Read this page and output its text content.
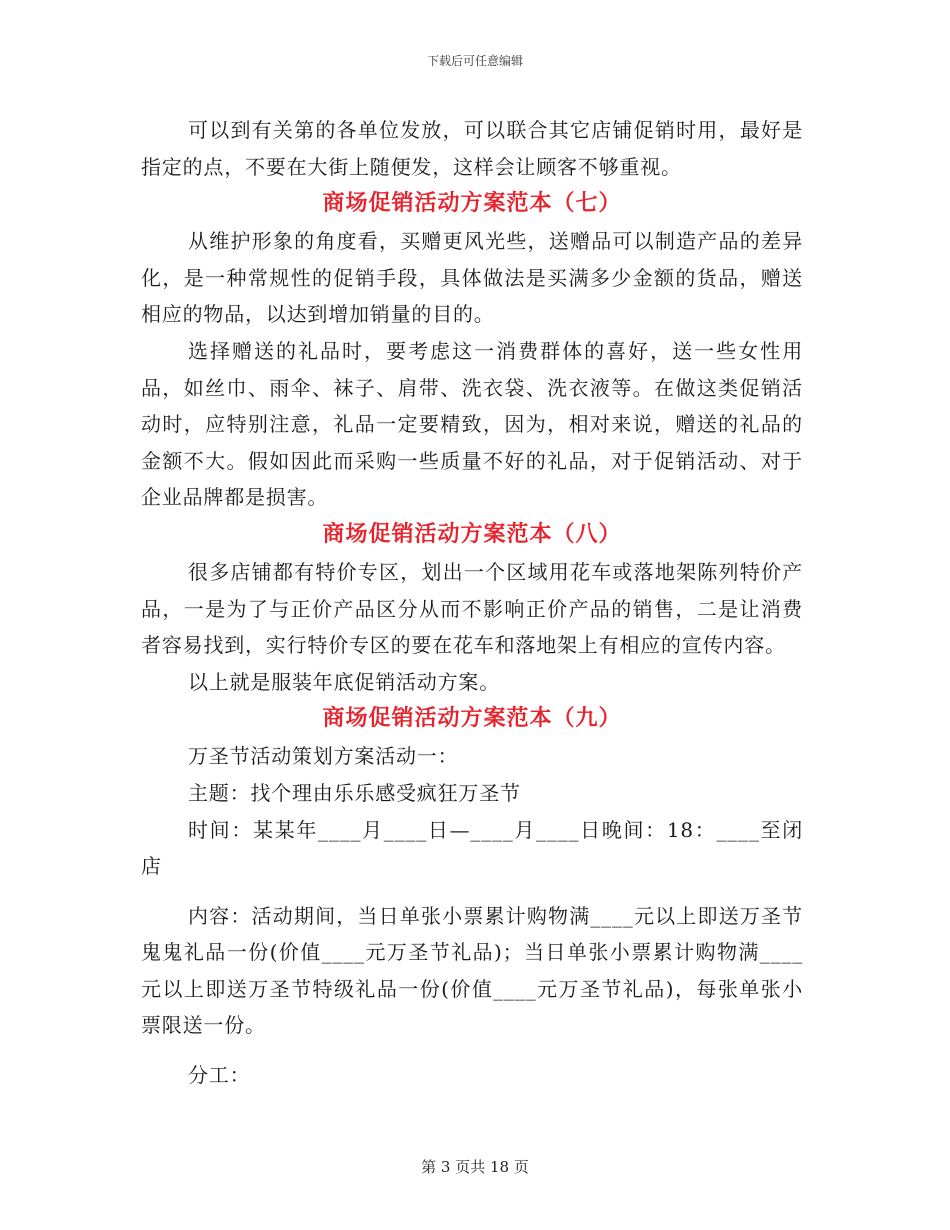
下载后可任意编辑

可以到有关第的各单位发放，可以联合其它店铺促销时用，最好是指定的点，不要在大街上随便发，这样会让顾客不够重视。

商场促销活动方案范本（七）

从维护形象的角度看，买赠更风光些，送赠品可以制造产品的差异化，是一种常规性的促销手段，具体做法是买满多少金额的货品，赠送相应的物品，以达到增加销量的目的。

选择赠送的礼品时，要考虑这一消费群体的喜好，送一些女性用品，如丝巾、雨伞、袜子、肩带、洗衣袋、洗衣液等。在做这类促销活动时，应特别注意，礼品一定要精致，因为，相对来说，赠送的礼品的金额不大。假如因此而采购一些质量不好的礼品，对于促销活动、对于企业品牌都是损害。

商场促销活动方案范本（八）

很多店铺都有特价专区，划出一个区域用花车或落地架陈列特价产品，一是为了与正价产品区分从而不影响正价产品的销售，二是让消费者容易找到，实行特价专区的要在花车和落地架上有相应的宣传内容。

以上就是服装年底促销活动方案。

商场促销活动方案范本（九）

万圣节活动策划方案活动一：

主题：找个理由乐乐感受疯狂万圣节

时间：某某年____月____日—____月____日晚间：18：____至闭店

内容：活动期间，当日单张小票累计购物满____元以上即送万圣节鬼鬼礼品一份(价值____元万圣节礼品)；当日单张小票累计购物满____元以上即送万圣节特级礼品一份(价值____元万圣节礼品)，每张单张小票限送一份。

分工：

第 3 页共 18 页
